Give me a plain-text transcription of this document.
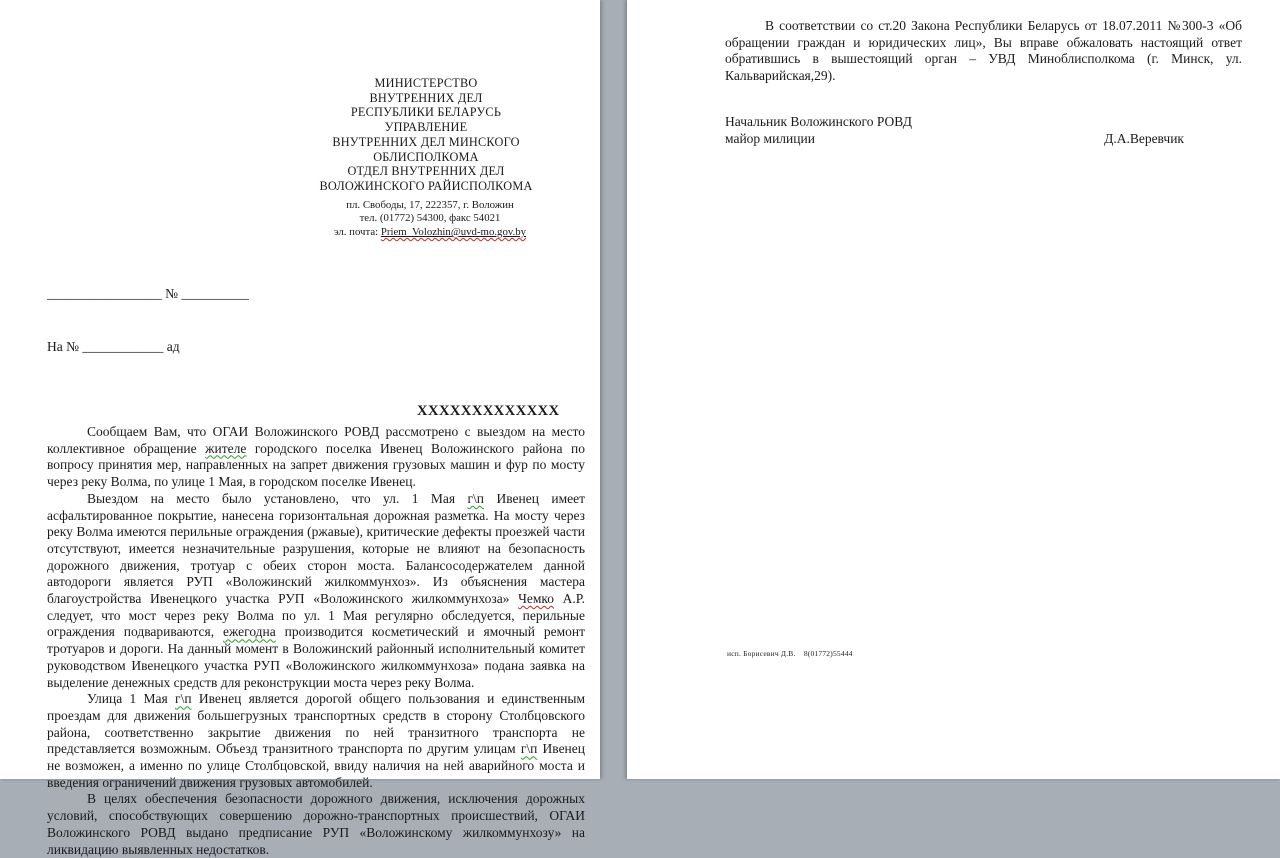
МИНИСТЕРСТВО
ВНУТРЕННИХ ДЕЛ
РЕСПУБЛИКИ БЕЛАРУСЬ
УПРАВЛЕНИЕ
ВНУТРЕННИХ ДЕЛ МИНСКОГО
ОБЛИСПОЛКОМА
ОТДЕЛ ВНУТРЕННИХ ДЕЛ
ВОЛОЖИНСКОГО РАЙИСПОЛКОМА
пл. Свободы, 17, 222357, г. Воложин
тел. (01772) 54300, факс 54021
эл. почта: Priem_Volozhin@uvd-mo.gov.by

_________________ № __________

На № ____________ ад

ХХХХХХХХХХХХХ

Сообщаем Вам, что ОГАИ Воложинского РОВД рассмотрено с выездом на место коллективное обращение жителе городского поселка Ивенец Воложинского района по вопросу принятия мер, направленных на запрет движения грузовых машин и фур по мосту через реку Волма, по улице 1 Мая, в городском поселке Ивенец.

Выездом на место было установлено, что ул. 1 Мая г\п Ивенец имеет асфальтированное покрытие, нанесена горизонтальная дорожная разметка. На мосту через реку Волма имеются перильные ограждения (ржавые), критические дефекты проезжей части отсутствуют, имеется незначительные разрушения, которые не влияют на безопасность дорожного движения, тротуар с обеих сторон моста. Балансосодержателем данной автодороги является РУП «Воложинский жилкоммунхоз». Из объяснения мастера благоустройства Ивенецкого участка РУП «Воложинского жилкоммунхоза» Чемко А.Р. следует, что мост через реку Волма по ул. 1 Мая регулярно обследуется, перильные ограждения подвариваются, ежегодна производится косметический и ямочный ремонт тротуаров и дороги. На данный момент в Воложинский районный исполнительный комитет руководством Ивенецкого участка РУП «Воложинского жилкоммунхоза» подана заявка на выделение денежных средств для реконструкции моста через реку Волма.

Улица 1 Мая г\п Ивенец является дорогой общего пользования и единственным проездам для движения большегрузных транспортных средств в сторону Столбцовского района, соответственно закрытие движения по ней транзитного транспорта не представляется возможным. Объезд транзитного транспорта по другим улицам г\п Ивенец не возможен, а именно по улице Столбцовской, ввиду наличия на ней аварийного моста и введения ограничений движения грузовых автомобилей.

В целях обеспечения безопасности дорожного движения, исключения дорожных условий, способствующих совершению дорожно-транспортных происшествий, ОГАИ Воложинского РОВД выдано предписание РУП «Воложинскому жилкоммунхозу» на ликвидацию выявленных недостатков.

В соответствии со ст.20 Закона Республики Беларусь от 18.07.2011 №300-3 «Об обращении граждан и юридических лиц», Вы вправе обжаловать настоящий ответ обратившись в вышестоящий орган – УВД Миноблисполкома (г. Минск, ул. Кальварийская,29).

Начальник Воложинского РОВД
майор милиции	Д.А.Веревчик
исп. Борисевич Д.В.    8(01772)55444
